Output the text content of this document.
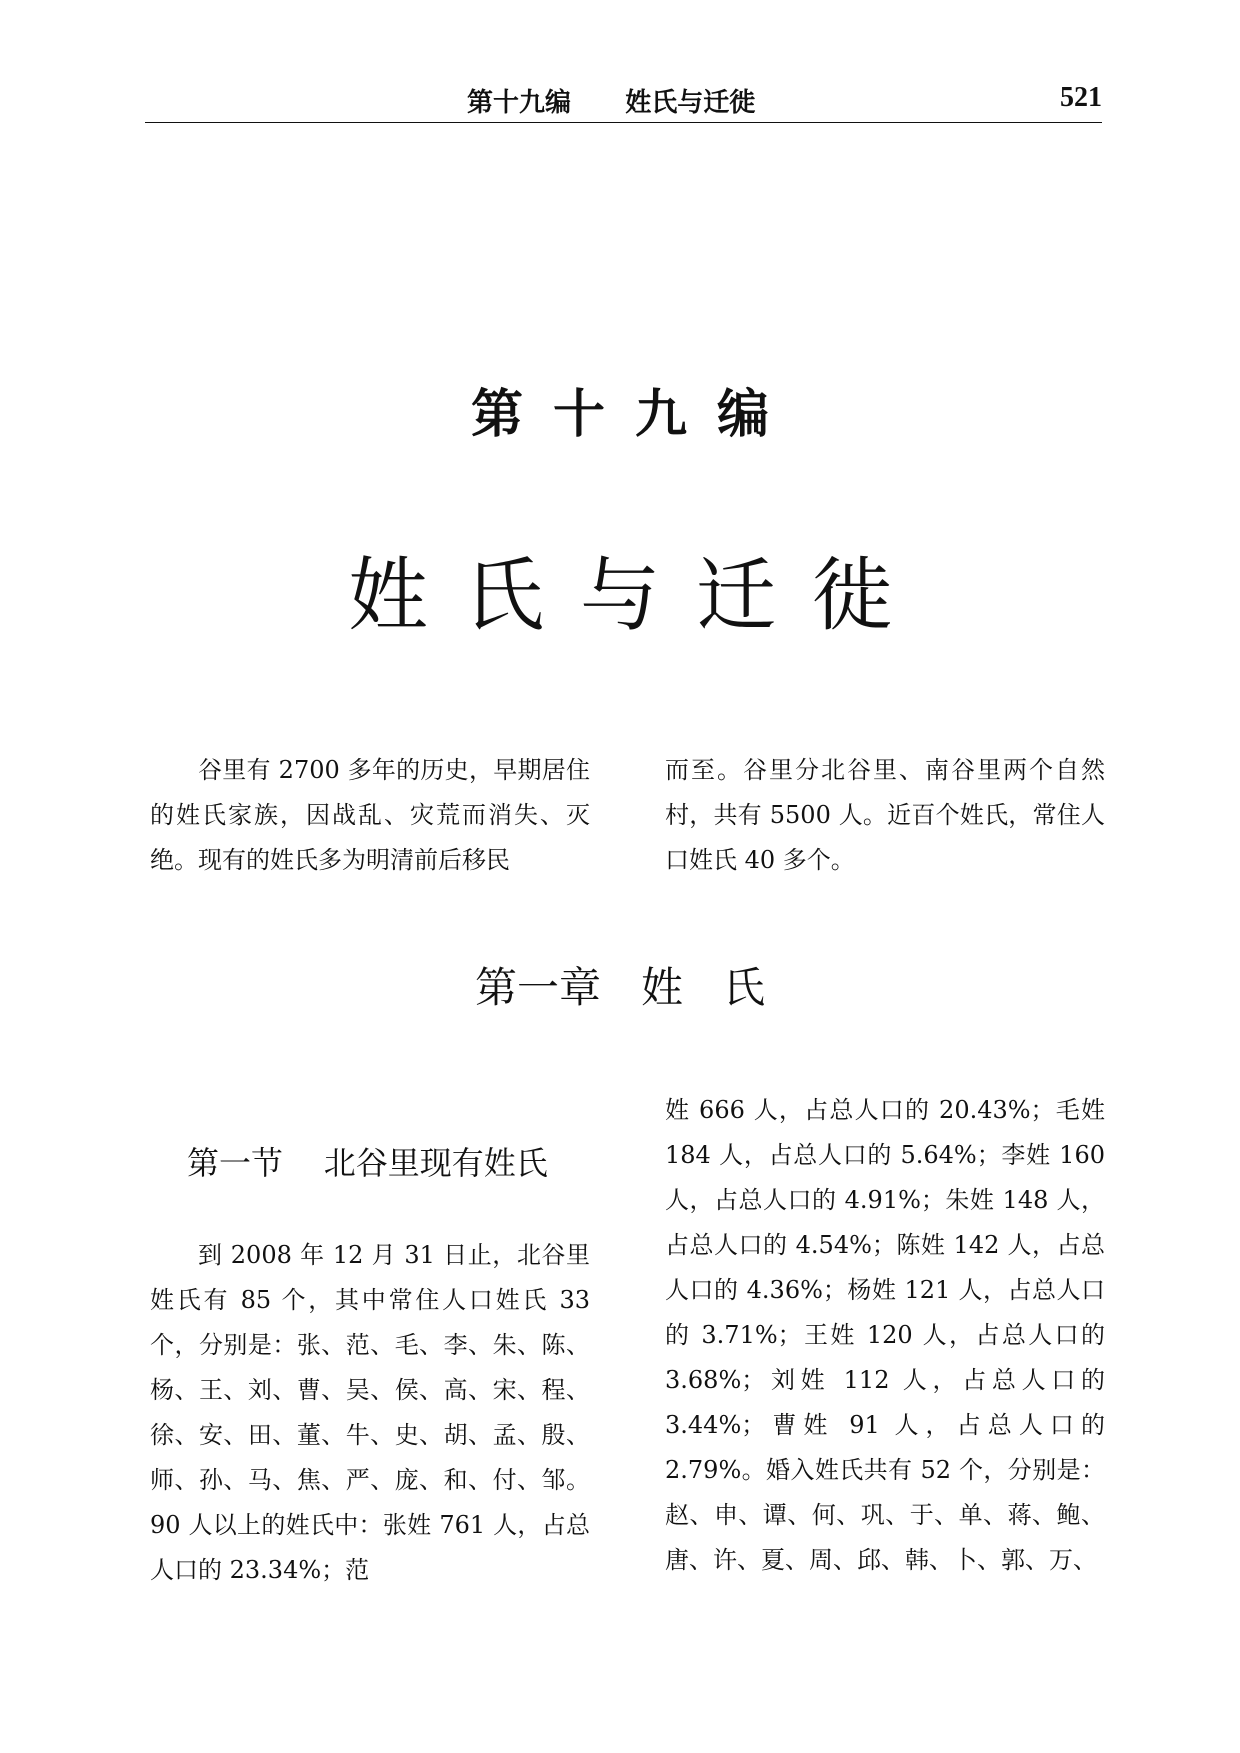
第十九编      姓氏与迁徙	521
第十九编
姓氏与迁徙

谷里有 2700 多年的历史，早期居住的姓氏家族，因战乱、灾荒而消失、灭绝。现有的姓氏多为明清前后移民

而至。谷里分北谷里、南谷里两个自然村，共有 5500 人。近百个姓氏，常住人口姓氏 40 多个。

第一章   姓   氏
第一节    北谷里现有姓氏

到 2008 年 12 月 31 日止，北谷里姓氏有 85 个，其中常住人口姓氏 33 个，分别是：张、范、毛、李、朱、陈、杨、王、刘、曹、吴、侯、高、宋、程、徐、安、田、董、牛、史、胡、孟、殷、师、孙、马、焦、严、庞、和、付、邹。90 人以上的姓氏中：张姓 761 人，占总人口的 23.34%；范

姓 666 人，占总人口的 20.43%；毛姓 184 人，占总人口的 5.64%；李姓 160 人，占总人口的 4.91%；朱姓 148 人，占总人口的 4.54%；陈姓 142 人，占总人口的 4.36%；杨姓 121 人，占总人口的 3.71%；王姓 120 人，占总人口的 3.68%；刘姓 112 人，占总人口的 3.44%；曹姓 91 人，占总人口的 2.79%。婚入姓氏共有 52 个，分别是：赵、申、谭、何、巩、于、单、蒋、鲍、唐、许、夏、周、邱、韩、卜、郭、万、
